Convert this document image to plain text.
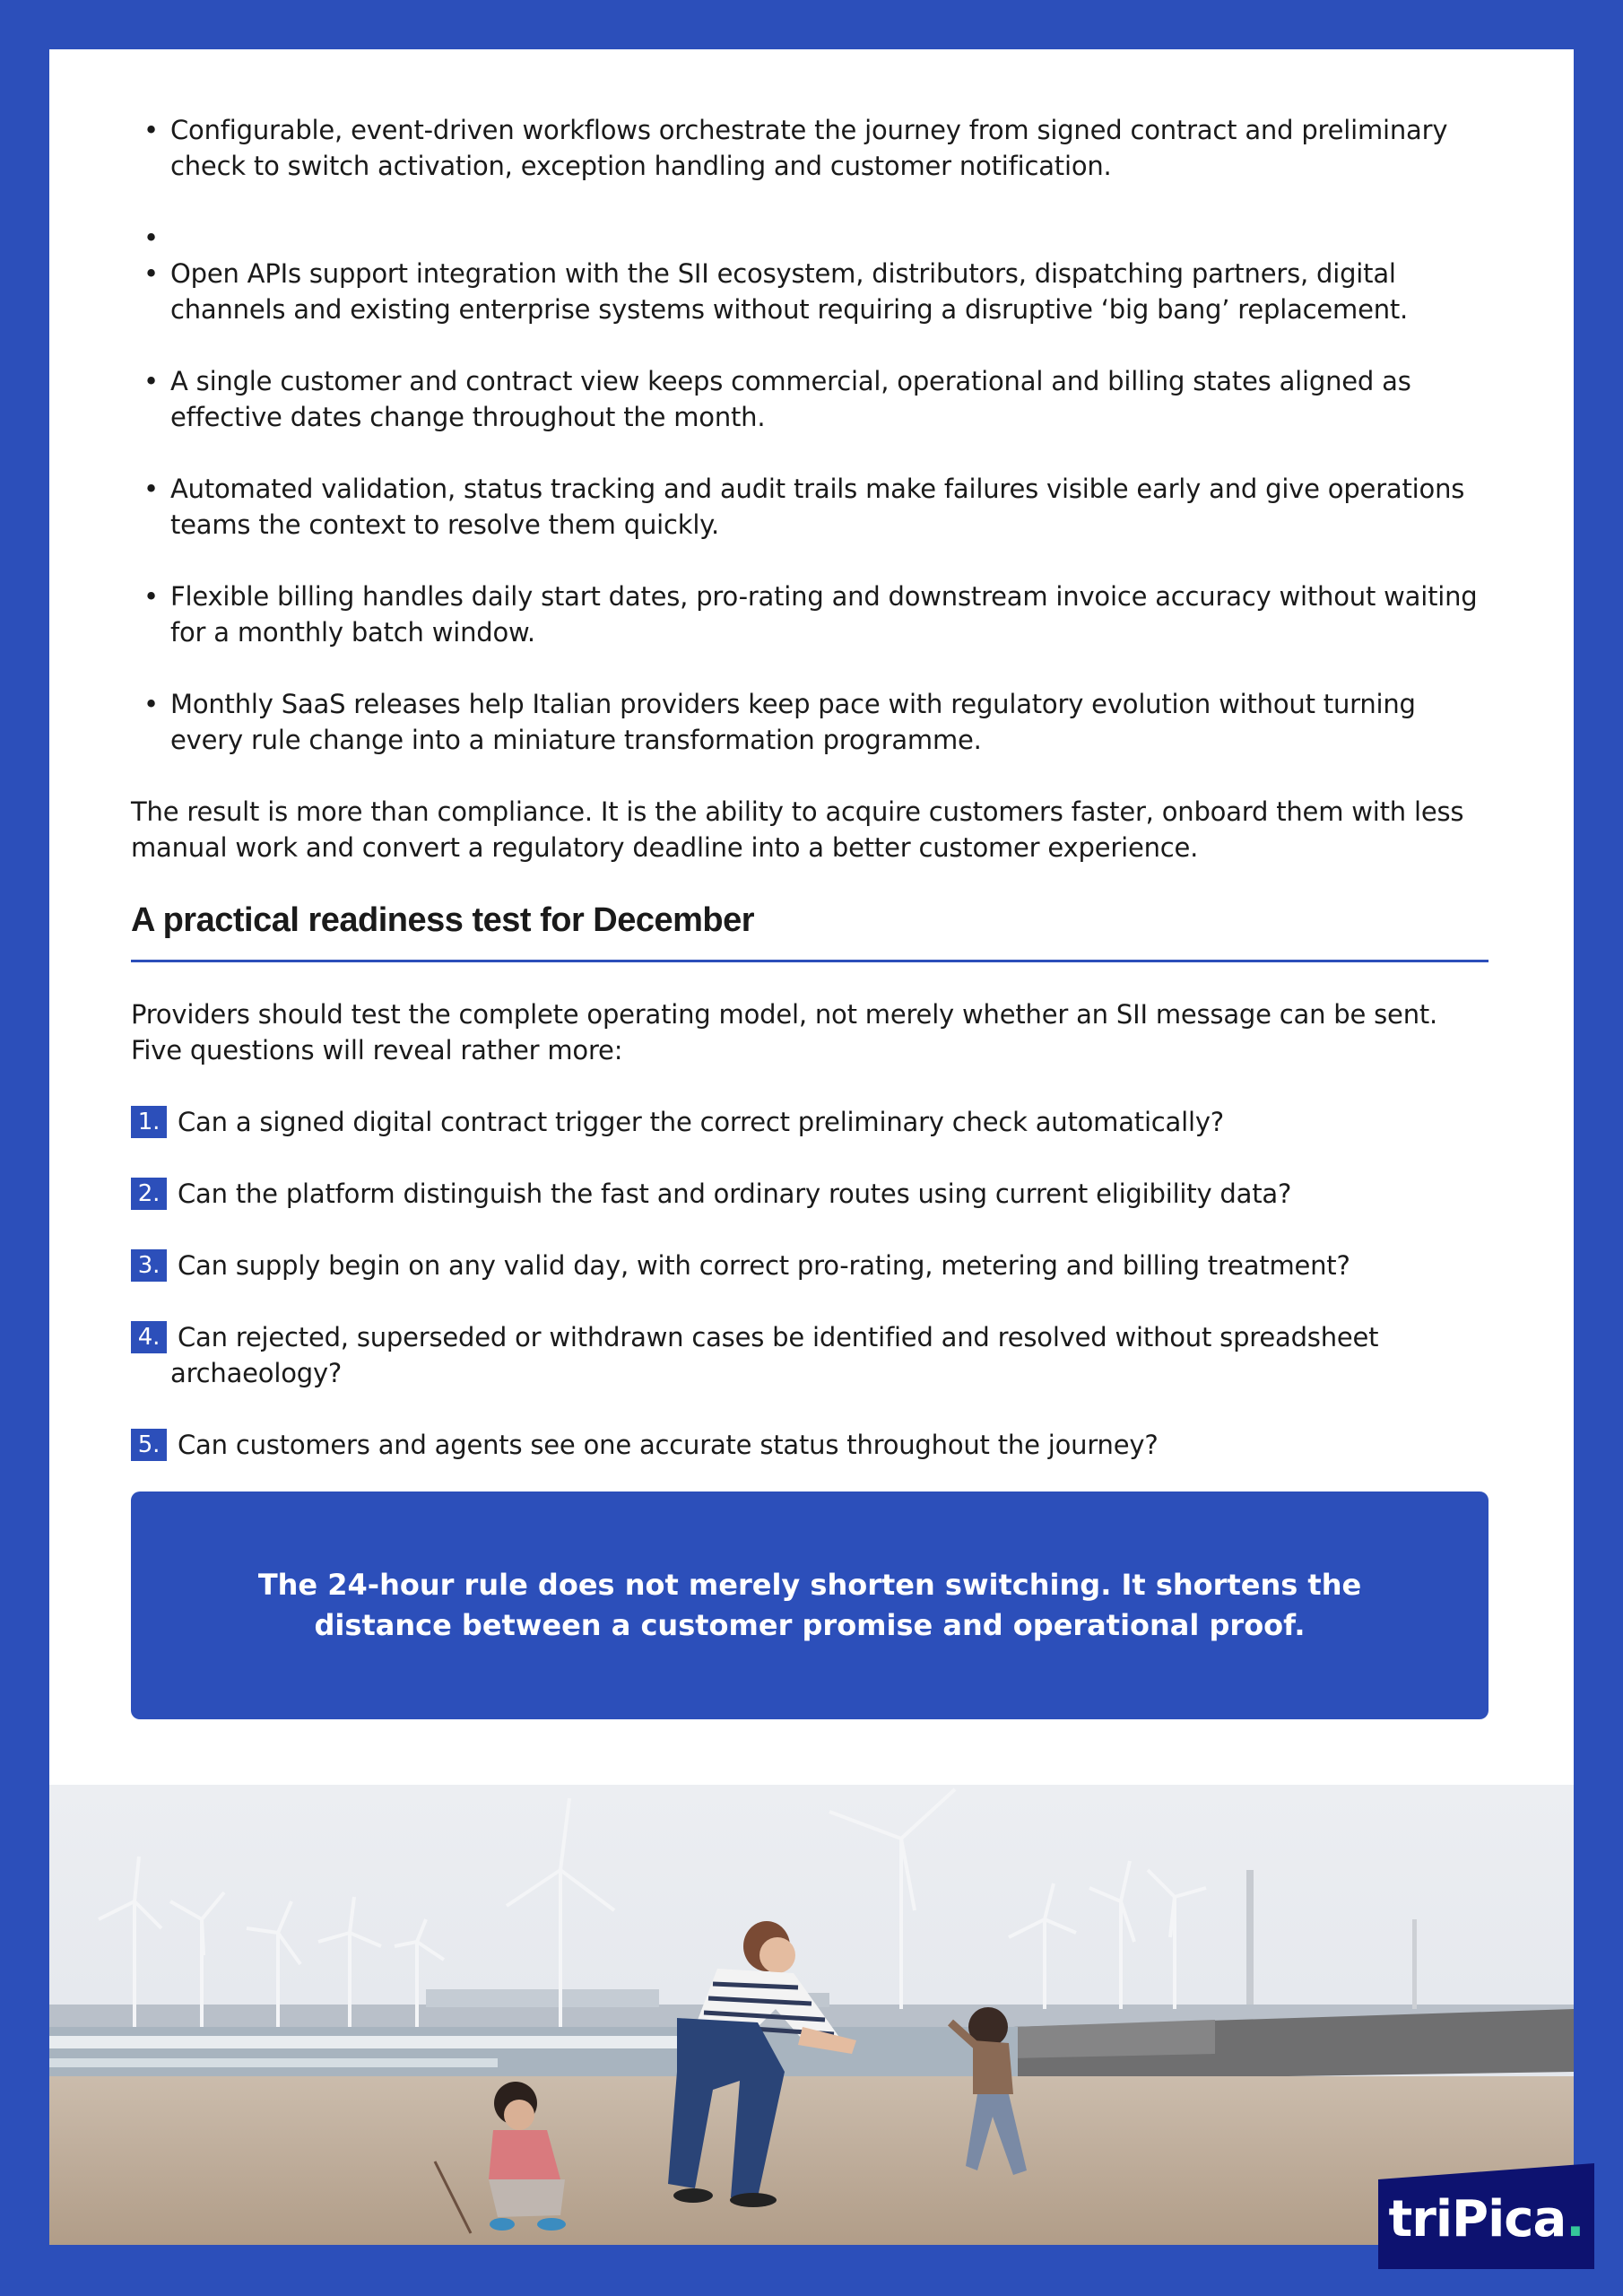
• Configurable, event-driven workflows orchestrate the journey from signed contract and preliminary check to switch activation, exception handling and customer notification.
•
• Open APIs support integration with the SII ecosystem, distributors, dispatching partners, digital channels and existing enterprise systems without requiring a disruptive ‘big bang’ replacement.
• A single customer and contract view keeps commercial, operational and billing states aligned as effective dates change throughout the month.
• Automated validation, status tracking and audit trails make failures visible early and give operations teams the context to resolve them quickly.
• Flexible billing handles daily start dates, pro-rating and downstream invoice accuracy without waiting for a monthly batch window.
• Monthly SaaS releases help Italian providers keep pace with regulatory evolution without turning every rule change into a miniature transformation programme.

The result is more than compliance. It is the ability to acquire customers faster, onboard them with less manual work and convert a regulatory deadline into a better customer experience.

A practical readiness test for December

Providers should test the complete operating model, not merely whether an SII message can be sent. Five questions will reveal rather more:

1. Can a signed digital contract trigger the correct preliminary check automatically?
2. Can the platform distinguish the fast and ordinary routes using current eligibility data?
3. Can supply begin on any valid day, with correct pro-rating, metering and billing treatment?
4. Can rejected, superseded or withdrawn cases be identified and resolved without spreadsheet archaeology?
5. Can customers and agents see one accurate status throughout the journey?
The 24-hour rule does not merely shorten switching. It shortens the distance between a customer promise and operational proof.
triPica .
